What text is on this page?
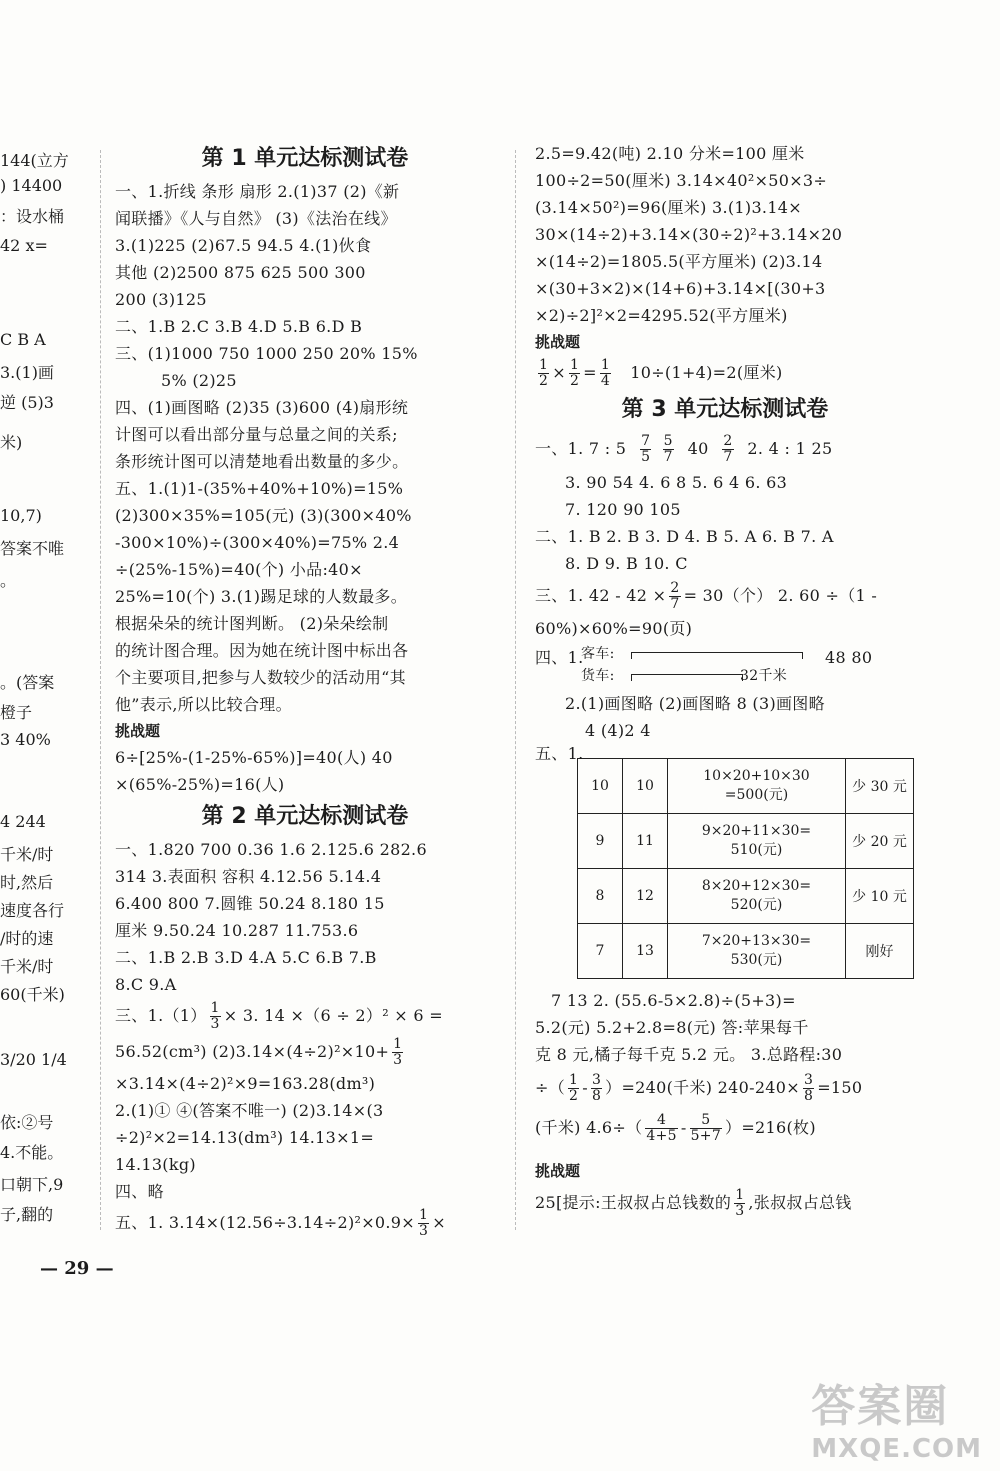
144(立方
) 14400
：设水桶
42 x=
C B A
3.(1)画
逆 (5)3
米)
10,7)
答案不唯
。
。(答案
橙子
3 40%
4 244
千米/时
时,然后
速度各行
/时的速
千米/时
60(千米)
3/20 1/4
依:②号
4.不能。
口朝下,9
子,翻的
第 1 单元达标测试卷
一、1.折线 条形 扇形 2.(1)37 (2)《新
闻联播》《人与自然》 (3)《法治在线》
3.(1)225 (2)67.5 94.5 4.(1)伙食
其他 (2)2500 875 625 500 300
200 (3)125
二、1.B 2.C 3.B 4.D 5.B 6.D B
三、(1)1000 750 1000 250 20% 15%
5% (2)25
四、(1)画图略 (2)35 (3)600 (4)扇形统
计图可以看出部分量与总量之间的关系;
条形统计图可以清楚地看出数量的多少。
五、1.(1)1-(35%+40%+10%)=15%
(2)300×35%=105(元) (3)(300×40%
-300×10%)÷(300×40%)=75% 2.4
÷(25%-15%)=40(个) 小品:40×
25%=10(个) 3.(1)踢足球的人数最多。
根据朵朵的统计图判断。 (2)朵朵绘制
的统计图合理。因为她在统计图中标出各
个主要项目,把参与人数较少的活动用“其
他”表示,所以比较合理。
挑战题
6÷[25%-(1-25%-65%)]=40(人) 40
×(65%-25%)=16(人)
第 2 单元达标测试卷
一、1.820 700 0.36 1.6 2.125.6 282.6
314 3.表面积 容积 4.12.56 5.14.4
6.400 800 7.圆锥 50.24 8.180 15
厘米 9.50.24 10.287 11.753.6
二、1.B 2.B 3.D 4.A 5.C 6.B 7.B
8.C 9.A
三、$1.(1) \frac{1}{3} \times 3$. 14 ×（6 ÷ 2）² × 6 =
56.52(cm³) $(2)3.14\times(4\div 2)^2\times 10+ \frac{1}{3}$
×3.14×(4÷2)²×9=163.28(dm³)
2.(1)① ④(答案不唯一) (2)3.14×(3
÷2)²×2=14.13(dm³) 14.13×1=
14.13(kg)
四、略
五、1. $3.14\times(12.56\div 3.14\div 2)^2\times 0.9\times \frac{1}{3}$ ×
2.5=9.42(吨) 2.10 分米=100 厘米
100÷2=50(厘米) 3.14×40²×50×3÷
(3.14×50²)=96(厘米) 3.(1)3.14×
30×(14÷2)+3.14×(30÷2)²+3.14×20
×(14÷2)=1805.5(平方厘米) (2)3.14
×(30+3×2)×(14+6)+3.14×[(30+3
×2)÷2]²×2=4295.52(平方厘米)
挑战题
$\frac{1}{2} \times \frac{1}{2} = \frac{1}{4} 10\div(1+4)=2$(厘米)
第 3 单元达标测试卷
一、1. 7 : $5 \frac{7}{5}$
$\frac{5}{7} 40 \frac{2}{7} 2$. 4 : 1 25
3. 90 54 4. 6 8 5. 6 4 6. 63
7. 120 90 105
二、1. B 2. B 3. D 4. B 5. A 6. B 7. A
8. D 9. B 10. C
三、1. $42 - 42 \times \frac{2}{7} = 30$（个） 2. 60 ÷（1 -
60%)×60%=90(页)
四、1.
客车:
货车:	32千米
48 80
2.(1)画图略 (2)画图略 8 (3)画图略
4 (4)2 4
五、1.
10	10	10×20+10×30
=500(元)	少 30 元
9	11	9×20+11×30=
510(元)	少 20 元
8	12	8×20+12×30=
520(元)	少 10 元
7	13	7×20+13×30=
530(元)	刚好
7 13 2. (55.6-5×2.8)÷(5+3)=
5.2(元) 5.2+2.8=8(元) 答:苹果每千
克 8 元,橘子每千克 5.2 元。 3.总路程:30
÷（ $\frac{1}{2} - \frac{3}{8} )=240$(千米) $240-240\times \frac{3}{8} =150$
(千米) $4.6\div( \frac{4}{4+5} - \frac{5}{5+7} )=216$(枚)
挑战题
25[提示:王叔叔占总钱数的 $\frac{1}{3}$ ,张叔叔占总钱
— 29 —
答案圈
MXQE.COM
